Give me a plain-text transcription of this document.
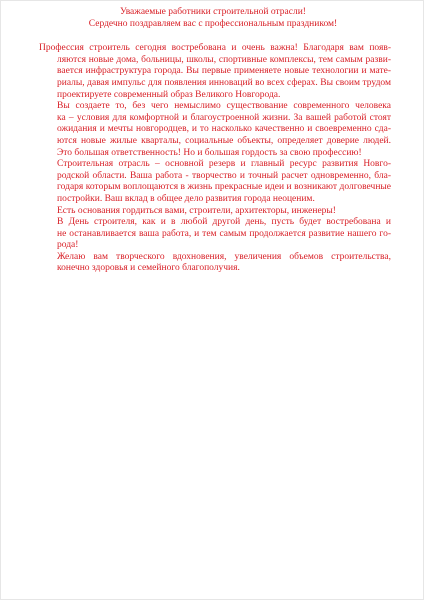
Уважаемые работники строительной отрасли!
Сердечно поздравляем вас с профессиональным праздником!
Профессия строитель сегодня востребована и очень важна! Благодаря вам появ-
ляются новые дома, больницы, школы, спортивные комплексы, тем самым разви-
вается инфраструктура города. Вы первые применяете новые технологии и мате-
риалы, давая импульс для появления инноваций во всех сферах. Вы своим трудом
проектируете современный образ Великого Новгорода.
Вы создаете то, без чего немыслимо существование современного человека
ка – условия для комфортной и благоустроенной жизни. За вашей работой стоят
ожидания и мечты новгородцев, и то насколько качественно и своевременно сда-
ются новые жилые кварталы, социальные объекты, определяет доверие людей.
Это большая ответственность! Но и большая гордость за свою профессию!
Строительная отрасль – основной резерв и главный ресурс развития Новго-
родской области. Ваша работа - творчество и точный расчет одновременно, бла-
годаря которым воплощаются в жизнь прекрасные идеи и возникают долговечные
постройки. Ваш вклад в общее дело развития города неоценим.
Есть основания гордиться вами, строители, архитекторы, инженеры!
В День строителя, как и в любой другой день, пусть будет востребована и
не останавливается ваша работа, и тем самым продолжается развитие нашего го-
рода!
Желаю вам творческого вдохновения, увеличения объемов строительства,
конечно здоровья и семейного благополучия.
